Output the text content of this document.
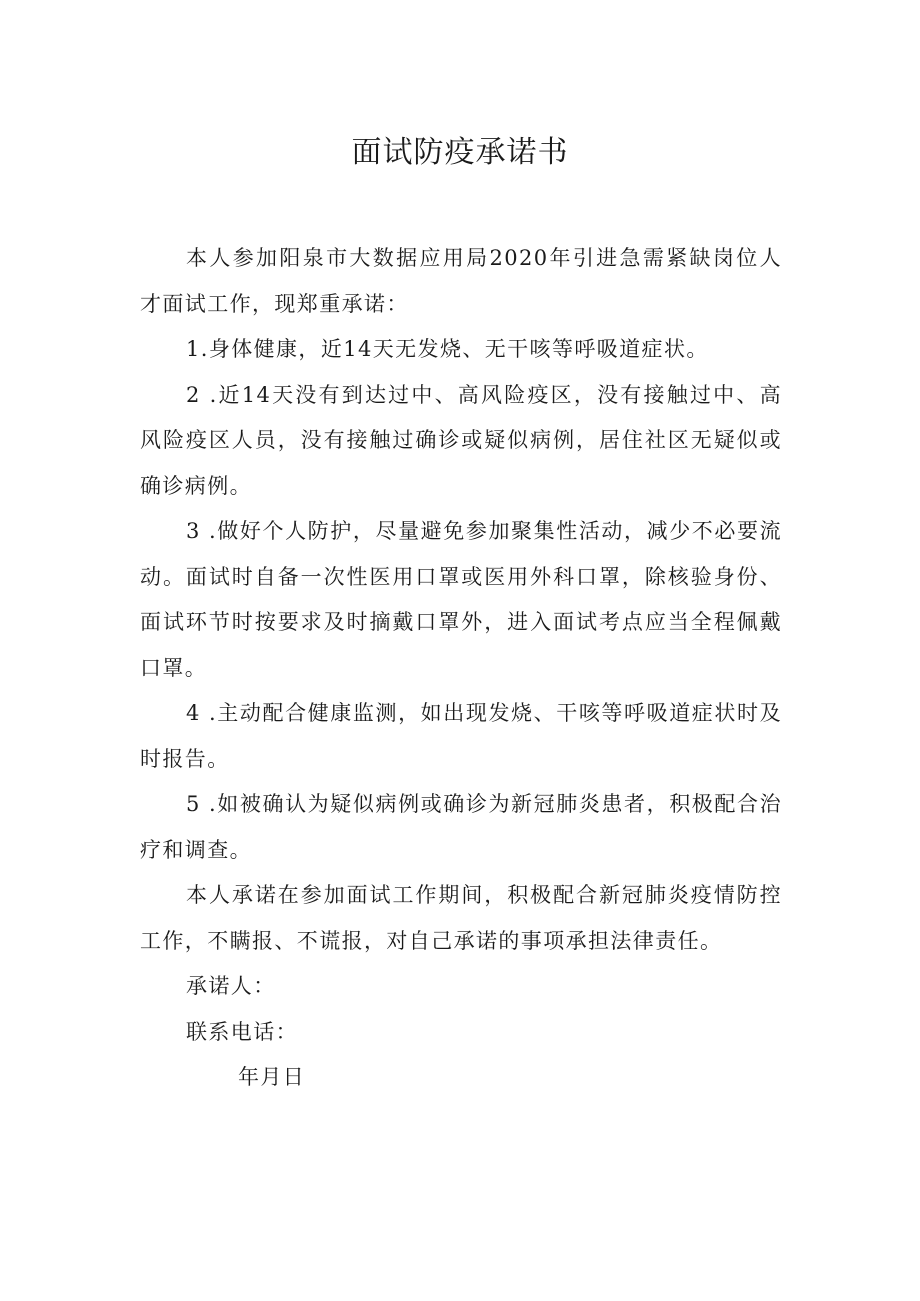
面试防疫承诺书

本人参加阳泉市大数据应用局2020年引进急需紧缺岗位人才面试工作，现郑重承诺：

1.身体健康，近14天无发烧、无干咳等呼吸道症状。

2 .近14天没有到达过中、高风险疫区，没有接触过中、高风险疫区人员，没有接触过确诊或疑似病例，居住社区无疑似或确诊病例。

3 .做好个人防护，尽量避免参加聚集性活动，减少不必要流动。面试时自备一次性医用口罩或医用外科口罩，除核验身份、面试环节时按要求及时摘戴口罩外，进入面试考点应当全程佩戴口罩。

4 .主动配合健康监测，如出现发烧、干咳等呼吸道症状时及时报告。

5 .如被确认为疑似病例或确诊为新冠肺炎患者，积极配合治疗和调查。

本人承诺在参加面试工作期间，积极配合新冠肺炎疫情防控工作，不瞒报、不谎报，对自己承诺的事项承担法律责任。

承诺人：

联系电话：

年月日
